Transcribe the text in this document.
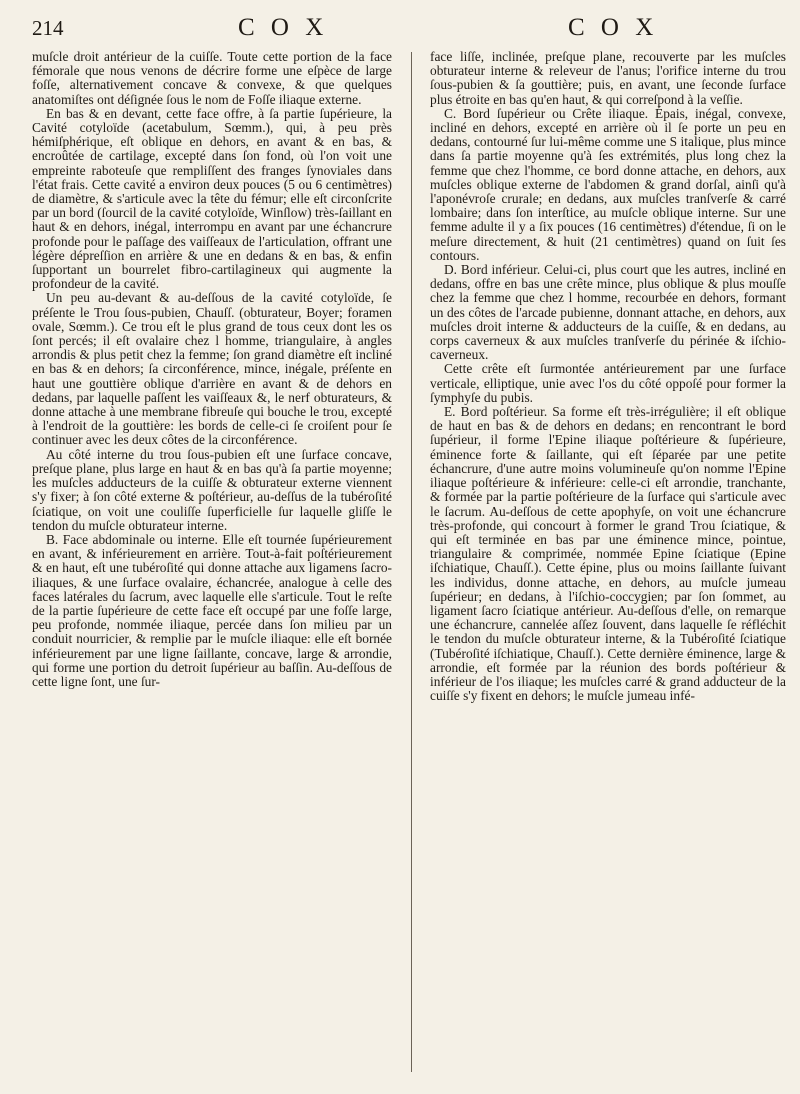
214	C O X	C O X

muſcle droit antérieur de la cuiſſe. Toute cette portion de la face fémorale que nous venons de décrire forme une eſpèce de large foſſe, alternativement concave & convexe, & que quelques anatomiſtes ont déſignée ſous le nom de Foſſe iliaque externe.

En bas & en devant, cette face offre, à ſa partie ſupérieure, la Cavité cotyloïde (acetabulum, Sœmm.), qui, à peu près hémiſphérique, eſt oblique en dehors, en avant & en bas, & encroûtée de cartilage, excepté dans ſon fond, où l'on voit une empreinte raboteuſe que rempliſſent des franges ſynoviales dans l'état frais. Cette cavité a environ deux pouces (5 ou 6 centimètres) de diamètre, & s'articule avec la tête du fémur; elle eſt circonſcrite par un bord (ſourcil de la cavité cotyloïde, Winſlow) très-ſaillant en haut & en dehors, inégal, interrompu en avant par une échancrure profonde pour le paſſage des vaiſſeaux de l'articulation, offrant une légère dépreſſion en arrière & une en dedans & en bas, & enfin ſupportant un bourrelet fibro-cartilagineux qui augmente la profondeur de la cavité.

Un peu au-devant & au-deſſous de la cavité cotyloïde, ſe préſente le Trou ſous-pubien, Chauſſ. (obturateur, Boyer; foramen ovale, Sœmm.). Ce trou eſt le plus grand de tous ceux dont les os ſont percés; il eſt ovalaire chez l homme, triangulaire, à angles arrondis & plus petit chez la femme; ſon grand diamètre eſt incliné en bas & en dehors; ſa circonférence, mince, inégale, préſente en haut une gouttière oblique d'arrière en avant & de dehors en dedans, par laquelle paſſent les vaiſſeaux &, le nerf obturateurs, & donne attache à une membrane fibreuſe qui bouche le trou, excepté à l'endroit de la gouttière: les bords de celle-ci ſe croiſent pour ſe continuer avec les deux côtes de la circonférence.

Au côté interne du trou ſous-pubien eſt une ſurface concave, preſque plane, plus large en haut & en bas qu'à ſa partie moyenne; les muſcles adducteurs de la cuiſſe & obturateur externe viennent s'y fixer; à ſon côté externe & poſtérieur, au-deſſus de la tubéroſité ſciatique, on voit une couliſſe ſuperficielle ſur laquelle gliſſe le tendon du muſcle obturateur interne.

B. Face abdominale ou interne. Elle eſt tournée ſupérieurement en avant, & inférieurement en arrière. Tout-à-fait poſtérieurement & en haut, eſt une tubéroſité qui donne attache aux ligamens ſacro-iliaques, & une ſurface ovalaire, échancrée, analogue à celle des faces latérales du ſacrum, avec laquelle elle s'articule. Tout le reſte de la partie ſupérieure de cette face eſt occupé par une foſſe large, peu profonde, nommée iliaque, percée dans ſon milieu par un conduit nourricier, & remplie par le muſcle iliaque: elle eſt bornée inférieurement par une ligne ſaillante, concave, large & arrondie, qui forme une portion du detroit ſupérieur au baſſin. Au-deſſous de cette ligne ſont, une ſur-

face liſſe, inclinée, preſque plane, recouverte par les muſcles obturateur interne & releveur de l'anus; l'orifice interne du trou ſous-pubien & ſa gouttière; puis, en avant, une ſeconde ſurface plus étroite en bas qu'en haut, & qui correſpond à la veſſie.

C. Bord ſupérieur ou Crête iliaque. Épais, inégal, convexe, incliné en dehors, excepté en arrière où il ſe porte un peu en dedans, contourné ſur lui-même comme une S italique, plus mince dans ſa partie moyenne qu'à ſes extrémités, plus long chez la femme que chez l'homme, ce bord donne attache, en dehors, aux muſcles oblique externe de l'abdomen & grand dorſal, ainſi qu'à l'aponévroſe crurale; en dedans, aux muſcles tranſverſe & carré lombaire; dans ſon interſtice, au muſcle oblique interne. Sur une femme adulte il y a ſix pouces (16 centimètres) d'étendue, ſi on le meſure directement, & huit (21 centimètres) quand on ſuit ſes contours.

D. Bord inférieur. Celui-ci, plus court que les autres, incliné en dedans, offre en bas une crête mince, plus oblique & plus mouſſe chez la femme que chez l homme, recourbée en dehors, formant un des côtes de l'arcade pubienne, donnant attache, en dehors, aux muſcles droit interne & adducteurs de la cuiſſe, & en dedans, au corps caverneux & aux muſcles tranſverſe du périnée & iſchio-caverneux.

Cette crête eſt ſurmontée antérieurement par une ſurface verticale, elliptique, unie avec l'os du côté oppoſé pour former la ſymphyſe du pubis.

E. Bord poſtérieur. Sa forme eſt très-irrégulière; il eſt oblique de haut en bas & de dehors en dedans; en rencontrant le bord ſupérieur, il forme l'Epine iliaque poſtérieure & ſupérieure, éminence forte & ſaillante, qui eſt ſéparée par une petite échancrure, d'une autre moins volumineuſe qu'on nomme l'Epine iliaque poſtérieure & inférieure: celle-ci eſt arrondie, tranchante, & formée par la partie poſtérieure de la ſurface qui s'articule avec le ſacrum. Au-deſſous de cette apophyſe, on voit une échancrure très-profonde, qui concourt à former le grand Trou ſciatique, & qui eſt terminée en bas par une éminence mince, pointue, triangulaire & comprimée, nommée Epine ſciatique (Epine iſchiatique, Chauſſ.). Cette épine, plus ou moins ſaillante ſuivant les individus, donne attache, en dehors, au muſcle jumeau ſupérieur; en dedans, à l'iſchio-coccygien; par ſon ſommet, au ligament ſacro ſciatique antérieur. Au-deſſous d'elle, on remarque une échancrure, cannelée aſſez ſouvent, dans laquelle ſe réfléchit le tendon du muſcle obturateur interne, & la Tubéroſité ſciatique (Tubéroſité iſchiatique, Chauſſ.). Cette dernière éminence, large & arrondie, eſt formée par la réunion des bords poſtérieur & inférieur de l'os iliaque; les muſcles carré & grand adducteur de la cuiſſe s'y fixent en dehors; le muſcle jumeau infé-
